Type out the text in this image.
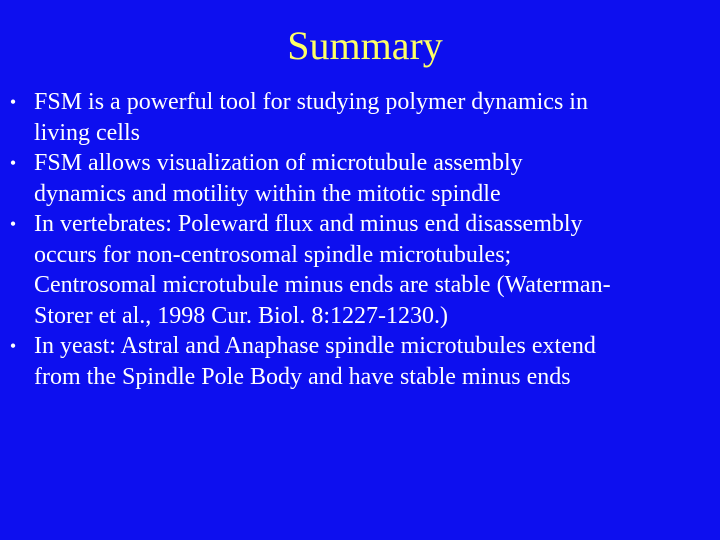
Summary
• FSM is a powerful tool for studying polymer dynamics in
living cells
• FSM allows visualization of microtubule assembly
dynamics and motility within the mitotic spindle
• In vertebrates: Poleward flux and minus end disassembly
occurs for non-centrosomal spindle microtubules;
Centrosomal microtubule minus ends are stable (Waterman-
Storer et al., 1998 Cur. Biol. 8:1227-1230.)
• In yeast: Astral and Anaphase spindle microtubules extend
from the Spindle Pole Body and have stable minus ends
